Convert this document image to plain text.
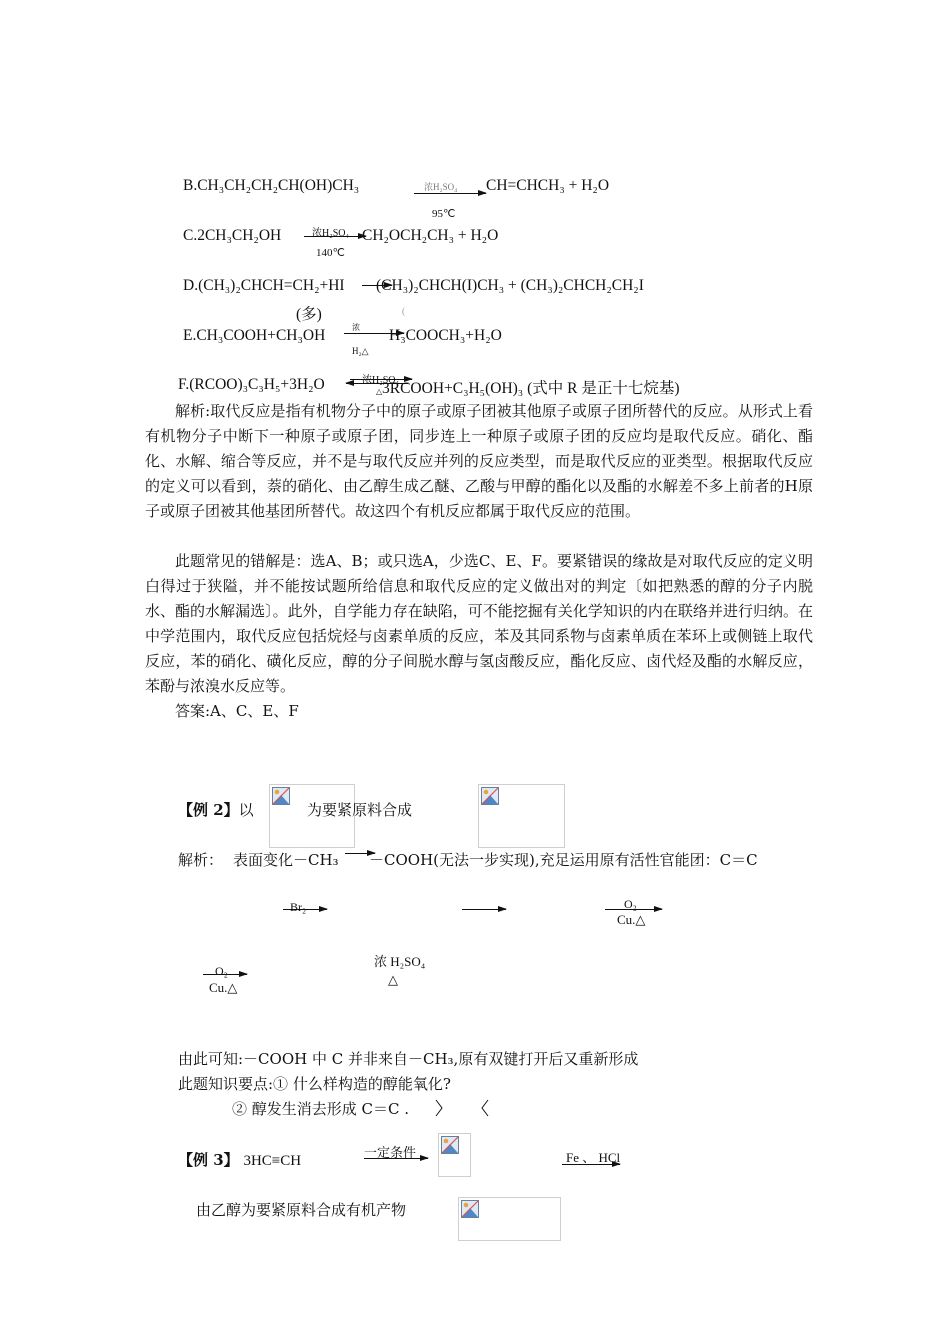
B.CH₃CH₂CH₂CH(OH)CH₃	浓H₂SO₄ CH=CHCH₃ + H₂O
95℃
C.2CH₃CH₂OH	浓H₂SO₄ CH₂OCH₂CH₃ + H₂O
140℃
D.(CH₃)₂CHCH=CH₂+HI (CH₃)₂CHCH(I)CH₃ + (CH₃)₂CHCH₂CH₂I
(多)	(
E.CH₃COOH+CH₃OH	浓 H₃COOCH₃+H₂O
H₂△
浓H₂SO₄
△
F.(RCOO)₃C₃H₅+3H₂O	3RCOOH+C₃H₅(OH)₃ (式中 R 是正十七烷基)
解析:取代反应是指有机物分子中的原子或原子团被其他原子或原子团所替代的反应。从形式上看有机物分子中断下一种原子或原子团，同步连上一种原子或原子团的反应均是取代反应。硝化、酯化、水解、缩合等反应，并不是与取代反应并列的反应类型，而是取代反应的亚类型。根据取代反应的定义可以看到，萘的硝化、由乙醇生成乙醚、乙酸与甲醇的酯化以及酯的水解差不多上前者的H原子或原子团被其他基团所替代。故这四个有机反应都属于取代反应的范围。
此题常见的错解是：选A、B；或只选A，少选C、E、F。要紧错误的缘故是对取代反应的定义明白得过于狭隘，并不能按试题所给信息和取代反应的定义做出对的判定〔如把熟悉的醇的分子内脱水、酯的水解漏选〕。此外，自学能力存在缺陷，可不能挖掘有关化学知识的内在联络并进行归纳。在中学范围内，取代反应包括烷烃与卤素单质的反应，苯及其同系物与卤素单质在苯环上或侧链上取代反应，苯的硝化、磺化反应，醇的分子间脱水醇与氢卤酸反应，酯化反应、卤代烃及酯的水解反应，苯酚与浓溴水反应等。
答案:A、C、E、F
【例 2】以	为要紧原料合成
解析： 表面变化－CH₃ －COOH(无法一步实现),充足运用原有活性官能团：C＝C
Br₂	O₂
Cu.△
O₂
Cu.△
浓 H₂SO₄
△
由此可知:－COOH 中 C 并非来自－CH₃,原有双键打开后又重新形成
此题知识要点:① 什么样构造的醇能氧化?
② 醇发生消去形成 C＝C .
【例 3】 3HC≡CH	一定条件	Fe 、 HCl
由乙醇为要紧原料合成有机产物
